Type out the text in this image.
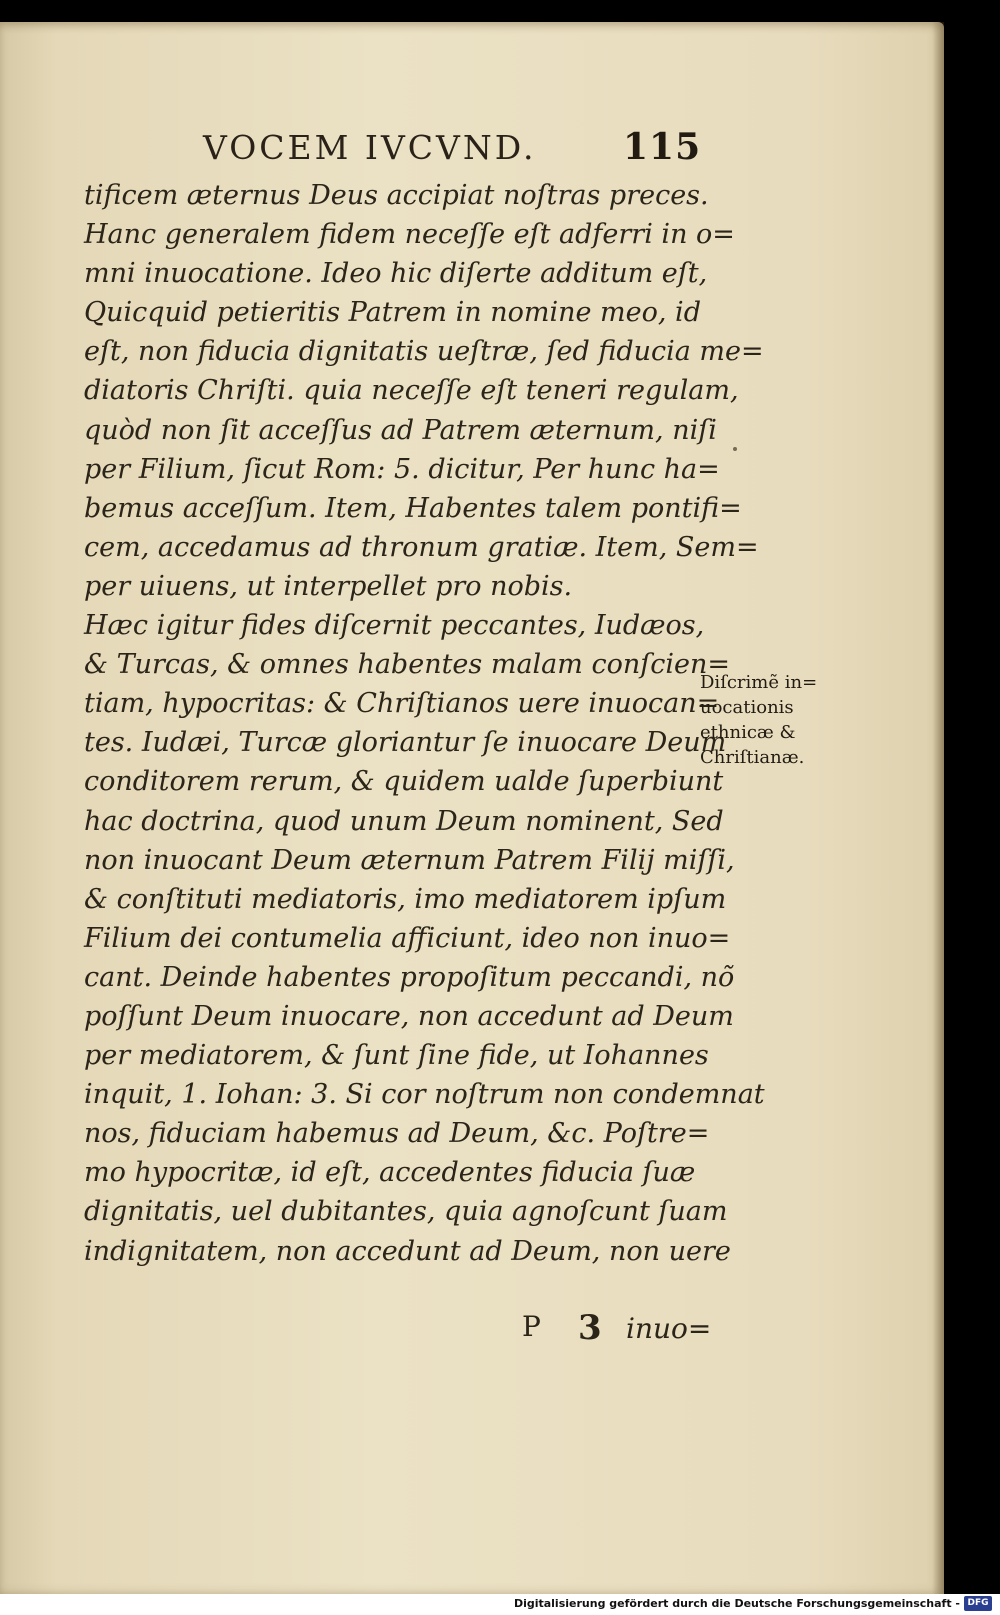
VOCEM IVCVND. 115
tificem æternus Deus accipiat noſtras preces.
Hanc generalem fidem neceſſe eſt adferri in o=
mni inuocatione. Ideo hic diſerte additum eſt,
Quicquid petieritis Patrem in nomine meo, id
eſt, non fiducia dignitatis ueſtræ, ſed fiducia me=
diatoris Chriſti. quia neceſſe eſt teneri regulam,
quòd non ſit acceſſus ad Patrem æternum, niſi
per Filium, ſicut Rom: 5. dicitur, Per hunc ha=
bemus acceſſum. Item, Habentes talem pontifi=
cem, accedamus ad thronum gratiæ. Item, Sem=
per uiuens, ut interpellet pro nobis.
Hæc igitur fides diſcernit peccantes, Iudæos,
& Turcas, & omnes habentes malam conſcien=
tiam, hypocritas: & Chriſtianos uere inuocan=
tes. Iudæi, Turcæ gloriantur ſe inuocare Deum
conditorem rerum, & quidem ualde ſuperbiunt
hac doctrina, quod unum Deum nominent, Sed
non inuocant Deum æternum Patrem Filij miſſi,
& conſtituti mediatoris, imo mediatorem ipſum
Filium dei contumelia afficiunt, ideo non inuo=
cant. Deinde habentes propoſitum peccandi, nõ
poſſunt Deum inuocare, non accedunt ad Deum
per mediatorem, & ſunt ſine fide, ut Iohannes
inquit, 1. Iohan: 3. Si cor noſtrum non condemnat
nos, fiduciam habemus ad Deum, &c. Poſtre=
mo hypocritæ, id eſt, accedentes fiducia ſuæ
dignitatis, uel dubitantes, quia agnoſcunt ſuam
indignitatem, non accedunt ad Deum, non uere
Diſcrimẽ in=
uocationis
ethnicæ &
Chriſtianæ.
P 3 inuo=
Digitalisierung gefördert durch die Deutsche Forschungsgemeinschaft - DFG
